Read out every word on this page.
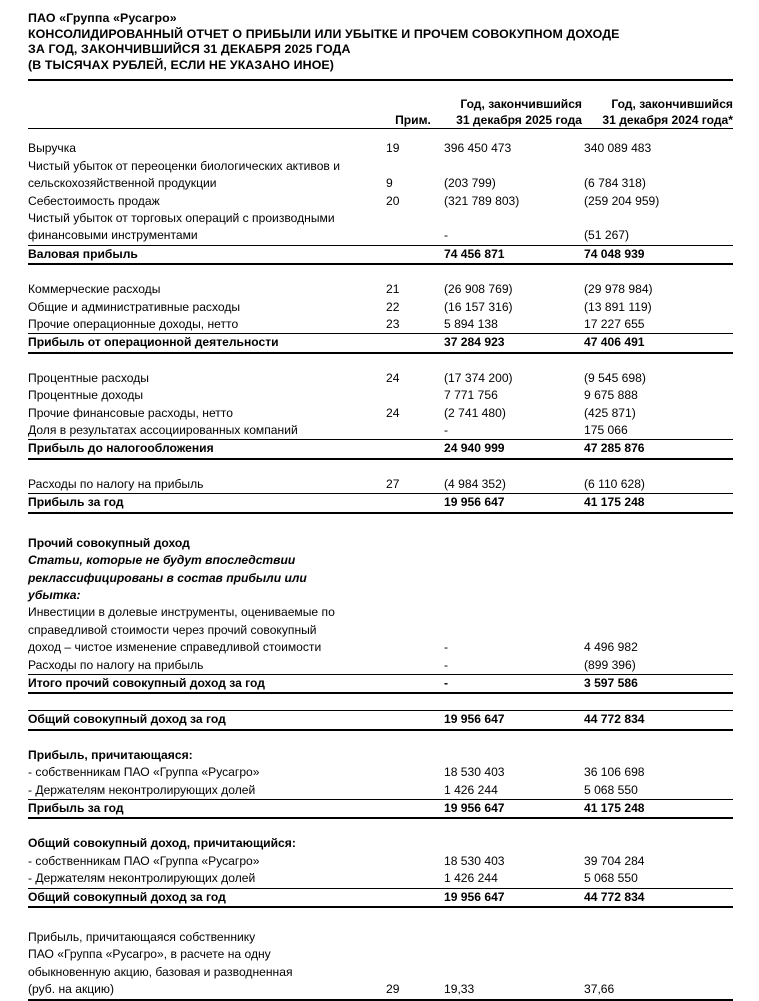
ПАО «Группа «Русагро»
КОНСОЛИДИРОВАННЫЙ ОТЧЕТ О ПРИБЫЛИ ИЛИ УБЫТКЕ И ПРОЧЕМ СОВОКУПНОМ ДОХОДЕ
ЗА ГОД, ЗАКОНЧИВШИЙСЯ 31 ДЕКАБРЯ 2025 ГОДА
(В ТЫСЯЧАХ РУБЛЕЙ, ЕСЛИ НЕ УКАЗАНО ИНОЕ)

		Год, закончившийся	Год, закончившийся
	Прим.	31 декабря 2025 года	31 декабря 2024 года*

Выручка	19	396 450 473	340 089 483
Чистый убыток от переоценки биологических активов и			
сельскохозяйственной продукции	9	(203 799)	(6 784 318)
Себестоимость продаж	20	(321 789 803)	(259 204 959)
Чистый убыток от торговых операций с производными			
финансовыми инструментами		-	(51 267)
Валовая прибыль		74 456 871	74 048 939

Коммерческие расходы	21	(26 908 769)	(29 978 984)
Общие и административные расходы	22	(16 157 316)	(13 891 119)
Прочие операционные доходы, нетто	23	5 894 138	17 227 655
Прибыль от операционной деятельности		37 284 923	47 406 491

Процентные расходы	24	(17 374 200)	(9 545 698)
Процентные доходы		7 771 756	9 675 888
Прочие финансовые расходы, нетто	24	(2 741 480)	(425 871)
Доля в результатах ассоциированных компаний		-	175 066
Прибыль до налогообложения		24 940 999	47 285 876

Расходы по налогу на прибыль	27	(4 984 352)	(6 110 628)
Прибыль за год		19 956 647	41 175 248

Прочий совокупный доход			
Статьи, которые не будут впоследствии			
реклассифицированы в состав прибыли или			
убытка:			
Инвестиции в долевые инструменты, оцениваемые по			
справедливой стоимости через прочий совокупный			
доход – чистое изменение справедливой стоимости		-	4 496 982
Расходы по налогу на прибыль		-	(899 396)
Итого прочий совокупный доход за год		-	3 597 586

Общий совокупный доход за год		19 956 647	44 772 834

Прибыль, причитающаяся:			
- собственникам ПАО «Группа «Русагро»		18 530 403	36 106 698
- Держателям неконтролирующих долей		1 426 244	5 068 550
Прибыль за год		19 956 647	41 175 248

Общий совокупный доход, причитающийся:			
- собственникам ПАО «Группа «Русагро»		18 530 403	39 704 284
- Держателям неконтролирующих долей		1 426 244	5 068 550
Общий совокупный доход за год		19 956 647	44 772 834

Прибыль, причитающаяся собственнику			
ПАО «Группа «Русагро», в расчете на одну			
обыкновенную акцию, базовая и разводненная			
(руб. на акцию)	29	19,33	37,66
